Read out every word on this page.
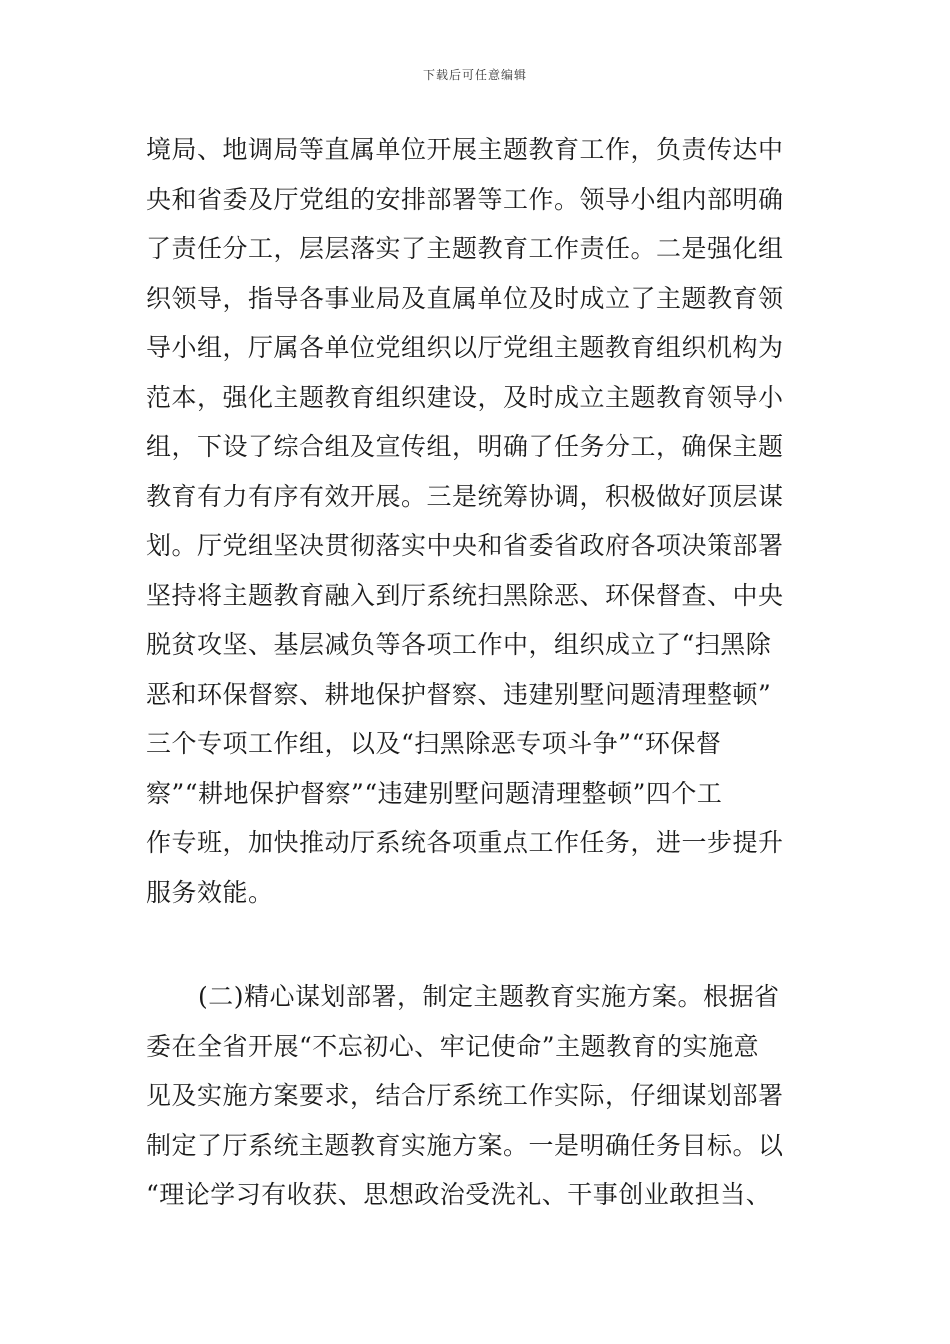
下载后可任意编辑
境局、地调局等直属单位开展主题教育工作，负责传达中
央和省委及厅党组的安排部署等工作。领导小组内部明确
了责任分工，层层落实了主题教育工作责任。二是强化组
织领导，指导各事业局及直属单位及时成立了主题教育领
导小组，厅属各单位党组织以厅党组主题教育组织机构为
范本，强化主题教育组织建设，及时成立主题教育领导小
组，下设了综合组及宣传组，明确了任务分工，确保主题
教育有力有序有效开展。三是统筹协调，积极做好顶层谋
划。厅党组坚决贯彻落实中央和省委省政府各项决策部署
坚持将主题教育融入到厅系统扫黑除恶、环保督查、中央
脱贫攻坚、基层减负等各项工作中，组织成立了“扫黑除
恶和环保督察、耕地保护督察、违建别墅问题清理整顿”
三个专项工作组，以及“扫黑除恶专项斗争”“环保督
察”“耕地保护督察”“违建别墅问题清理整顿”四个工
作专班，加快推动厅系统各项重点工作任务，进一步提升
服务效能。
(二)精心谋划部署，制定主题教育实施方案。根据省
委在全省开展“不忘初心、牢记使命”主题教育的实施意
见及实施方案要求，结合厅系统工作实际，仔细谋划部署
制定了厅系统主题教育实施方案。一是明确任务目标。以
“理论学习有收获、思想政治受洗礼、干事创业敢担当、
